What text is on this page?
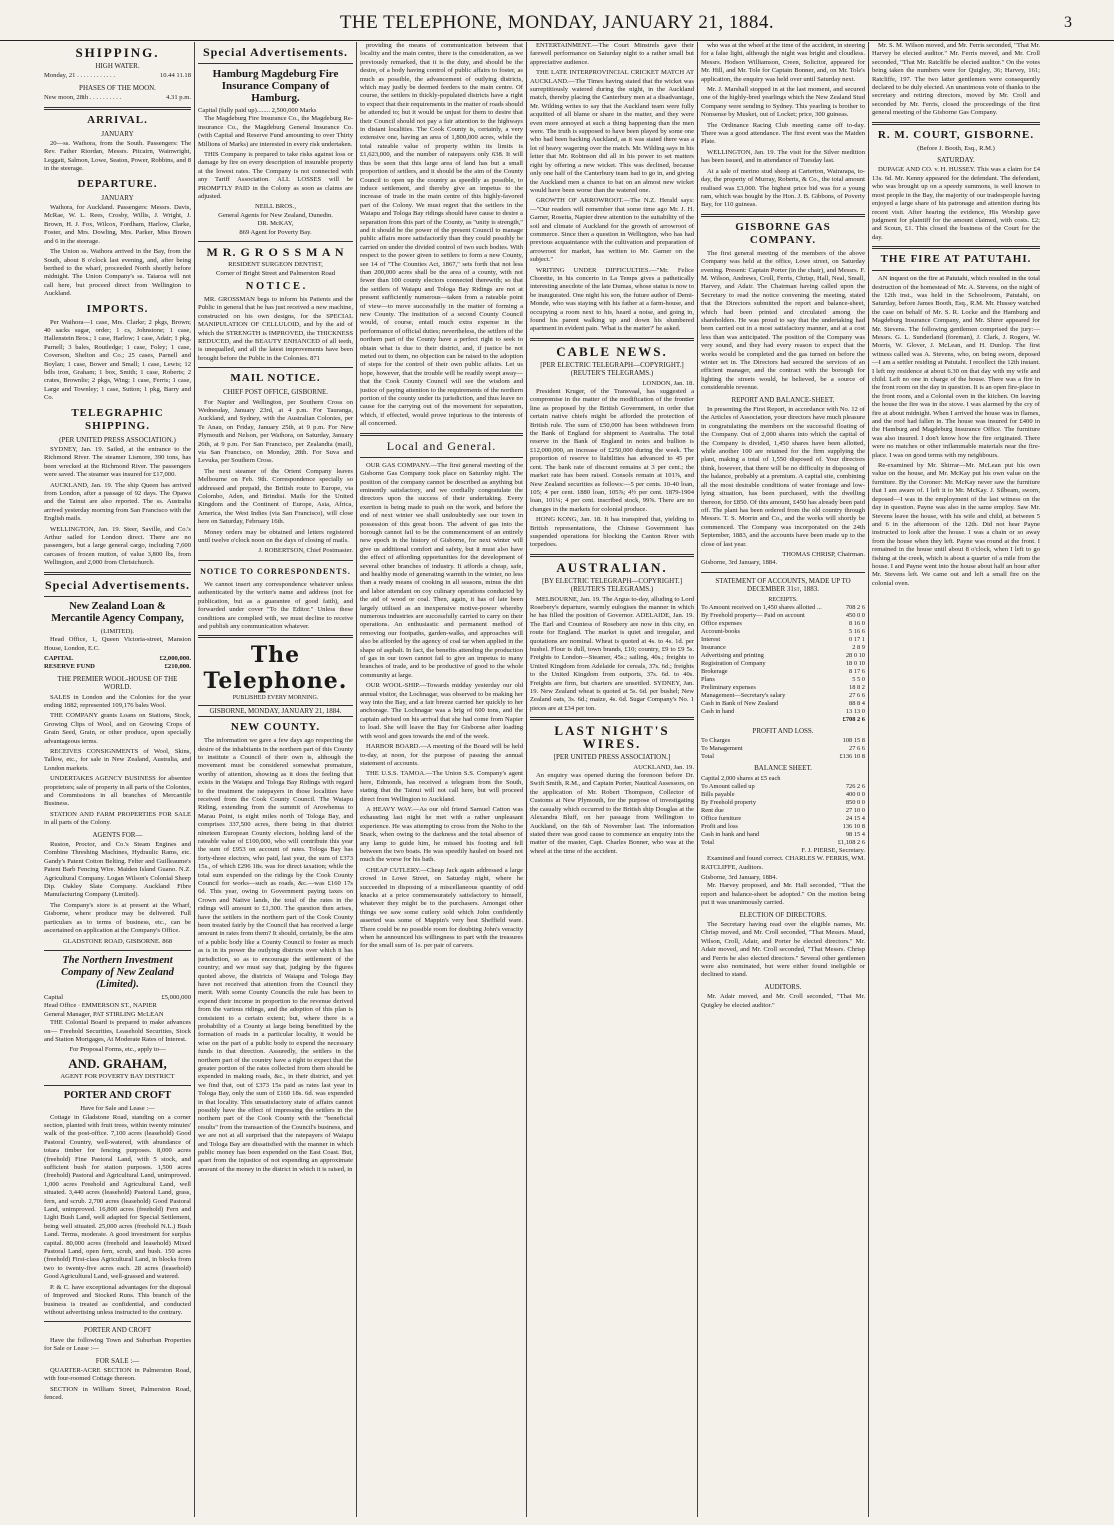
THE TELEPHONE, MONDAY, JANUARY 21, 1884.	3
SHIPPING.
HIGH WATER.
Monday, 21 . . . . . . . . . . . .	10.44 11.18
PHASES OF THE MOON.
New moon, 28th . . . . . . . . . .	4.31 p.m.
ARRIVAL.
JANUARY

20—ss. Waihora, from the South. Passengers: The Rev. Father Riordan, Messrs. Pitcairn, Wainwright, Leggatt, Salmon, Lowe, Seaton, Power, Robbins, and 8 in the steerage.

DEPARTURE.
JANUARY

Waihora, for Auckland. Passengers: Messrs. Davis, McRae, W. L. Rees, Crosby, Willis, J. Wright, J. Brown, H. J. Fox, Wilcox, Fordham, Harlow, Clarke, Foster, and Mrs. Dowling, Mrs. Parker, Miss Brown and 6 in the steerage.

The Union ss. Waihora arrived in the Bay, from the South, about 8 o'clock last evening, and, after being berthed to the wharf, proceeded North shortly before midnight. The Union Company's ss. Taiaroa will not call here, but proceed direct from Wellington to Auckland.

IMPORTS.

Per Waihora—1 case, Mrs. Clarke; 2 pkgs, Brown; 40 sacks sugar, order; 1 cs, Johnstone; 1 case, Hallenstein Bros.; 1 case, Harlow; 1 case, Adair; 1 pkg, Parnell; 3 bales, Routledge; 1 case, Foley; 1 case, Coverson, Shelton and Co.; 25 cases, Parnell and Boylan; 1 case, Bower and Small; 1 case, Lewis; 12 bdls iron, Graham; 1 box, Smith; 1 case, Roberts; 2 crates, Brownlie; 2 pkgs, Wing; 1 case, Ferris; 1 case, Large and Townley; 1 case, Sutton; 1 pkg, Barry and Co.

TELEGRAPHIC SHIPPING.
(PER UNITED PRESS ASSOCIATION.)

SYDNEY, Jan. 19. Sailed, at the entrance to the Richmond River. The steamer Lismore, 390 tons, has been wrecked at the Richmond River. The passengers were saved. The steamer was insured for £17,000.

AUCKLAND, Jan. 19. The ship Queen has arrived from London, after a passage of 92 days. The Opawa and the Tainui are also reported. The ss. Australia arrived yesterday morning from San Francisco with the English mails.

WELLINGTON, Jan. 19. Steer, Saville, and Co.'s Arthur sailed for London direct. There are no passengers, but a large general cargo, including 7,600 carcases of frozen mutton, of value 3,800 lbs, from Wellington, and 2,000 from Christchurch.

Special Advertisements.
New Zealand Loan & Mercantile Agency Company,
(LIMITED).

Head Office, 1, Queen Victoria-street, Mansion House, London, E.C.

CAPITAL	£2,000,000.
RESERVE FUND	£210,000.
THE PREMIER WOOL-HOUSE OF THE WORLD.

SALES in London and the Colonies for the year ending 1882, represented 109,176 bales Wool.

THE COMPANY grants Loans on Stations, Stock, Growing Clips of Wool, and on Growing Crops of Grain Seed, Grain, or other produce, upon specially advantageous terms.

RECEIVES CONSIGNMENTS of Wool, Skins, Tallow, etc., for sale in New Zealand, Australia, and London markets.

UNDERTAKES AGENCY BUSINESS for absentee proprietors; sale of property in all parts of the Colonies, and Commissions in all branches of Mercantile Business.

STATION AND FARM PROPERTIES FOR SALE in all parts of the Colony.

AGENTS FOR—

Ruston, Proctor, and Co.'s Steam Engines and Combine Threshing Machines, Hydraulic Rams, etc. Gandy's Patent Cotton Belting. Felter and Guilleaume's Patent Barb Fencing Wire. Maiden Island Guano. N.Z. Agricultural Company. Logan Wilson's Colonial Sheep Dip. Oakley Slate Company. Auckland Fibre Manufacturing Company (Limited).

The Company's store is at present at the Wharf, Gisborne, where produce may be delivered. Full particulars as to terms of business, etc., can be ascertained on application at the Company's Office.

GLADSTONE ROAD, GISBORNE. 868
The Northern Investment Company of New Zealand (Limited).
Capital	£5,000,000
Head Office · EMMERSON ST., NAPIER
General Manager, PAT STIRLING McLEAN

THE Colonial Board is prepared to make advances on— Freehold Securities, Leasehold Securities, Stock and Station Mortgages, At Moderate Rates of Interest.

For Proposal Forms, etc., apply to—
AND. GRAHAM,
AGENT FOR POVERTY BAY DISTRICT
PORTER AND CROFT
Have for Sale and Lease :—

Cottage in Gladstone Road, standing on a corner section, planted with fruit trees, within twenty minutes' walk of the post-office. 7,100 acres (leasehold) Good Pastoral Country, well-watered, with abundance of totara timber for fencing purposes. 8,000 acres (freehold) Fine Pastoral Land, with 5 stock, and sufficient bush for station purposes. 1,500 acres (freehold) Pastoral and Agricultural Land, unimproved. 1,000 acres Freehold and Agricultural Land, well situated. 3,440 acres (leasehold) Pastoral Land, grass, fern, and scrub. 2,700 acres (leasehold) Good Pastoral Land, unimproved. 16,800 acres (freehold) Fern and Light Bush Land, well adapted for Special Settlement, being well situated. 25,000 acres (freehold N.L.) Bush Land. Terms, moderate. A good investment for surplus capital. 80,000 acres (freehold and leasehold) Mixed Pastoral Land, open fern, scrub, and bush. 150 acres (freehold) First-class Agricultural Land, in blocks from two to twenty-five acres each. 28 acres (leasehold) Good Agricultural Land, well-grassed and watered.

P. & C. have exceptional advantages for the disposal of Improved and Stocked Runs. This branch of the business is treated as confidential, and conducted without advertising unless instructed to the contrary.

PORTER AND CROFT

Have the following Town and Suburban Properties for Sale or Lease :—

FOR SALE :—

QUARTER-ACRE SECTION in Palmerston Road, with four-roomed Cottage thereon.

SECTION in William Street, Palmerston Road, fenced.

Special Advertisements.
Hamburg Magdeburg Fire Insurance Company of Hamburg.
Capital (fully paid up)........ 2,500,000 Marks

The Magdeburg Fire Insurance Co., the Magdeburg Re-insurance Co., the Magdeburg General Insurance Co. (with Capital and Reserve Fund amounting to over Thirty Millions of Marks) are interested in every risk undertaken.

THIS Company is prepared to take risks against loss or damage by fire on every description of insurable property at the lowest rates. The Company is not connected with any Tariff Association. ALL LOSSES will be PROMPTLY PAID in the Colony as soon as claims are adjusted.

NEILL BROS.,
General Agents for New Zealand, Dunedin.
DR. McKAY,
869 Agent for Poverty Bay.
M R. G R O S S M A N
RESIDENT SURGEON DENTIST,
Corner of Bright Street and Palmerston Road
N O T I C E .

MR. GROSSMAN begs to inform his Patients and the Public in general that he has just received a new machine, constructed on his own designs, for the SPECIAL MANIPULATION OF CELLULOID, and by the aid of which the STRENGTH is IMPROVED, the THICKNESS REDUCED, and the BEAUTY ENHANCED of all teeth, is unequalled, and all the latest improvements have been brought before the Public in the Colonies. 871

MAIL NOTICE.
CHIEF POST OFFICE, GISBORNE.

For Napier and Wellington, per Southern Cross on Wednesday, January 23rd, at 4 p.m. For Tauranga, Auckland, and Sydney, with the Australian Colonies, per Te Anau, on Friday, January 25th, at 9 p.m. For New Plymouth and Nelson, per Waihora, on Saturday, January 26th, at 9 p.m. For San Francisco, per Zealandia (mail), via San Francisco, on Monday, 28th. For Suva and Levuka, per Southern Cross.

The next steamer of the Orient Company leaves Melbourne on Feb. 9th. Correspondence specially so addressed and prepaid, the British route to Europe, via Colombo, Aden, and Brindisi. Mails for the United Kingdom and the Continent of Europe, Asia, Africa, America, the West Indies (via San Francisco), will close here on Saturday, February 16th.

Money orders may be obtained and letters registered until twelve o'clock noon on the days of closing of mails.

J. ROBERTSON, Chief Postmaster.
NOTICE TO CORRESPONDENTS.

We cannot insert any correspondence whatever unless authenticated by the writer's name and address (not for publication, but as a guarantee of good faith), and forwarded under cover "To the Editor." Unless these conditions are complied with, we must decline to receive and publish any communication whatever.

The Telephone.
PUBLISHED EVERY MORNING.
GISBORNE, MONDAY, JANUARY 21, 1884.
NEW COUNTY.

The information we gave a few days ago respecting the desire of the inhabitants in the northern part of this County to institute a Council of their own is, although the movement must be considered somewhat premature, worthy of attention, showing as it does the feeling that exists in the Waiapu and Tologa Bay Ridings with regard to the treatment the ratepayers in those localities have received from the Cook County Council. The Waiapu Riding, extending from the summit of Arowhenua to Marau Point, is eight miles north of Tologa Bay, and comprises 337,500 acres, there being in that district nineteen European County electors, holding land of the rateable value of £100,000, who will contribute this year the sum of £953 on account of rates. Tologa Bay has forty-three electors, who paid, last year, the sum of £373 15s., of which £296 18s. was for direct taxation; while the total sum expended on the ridings by the Cook County Council for works—such as roads, &c.—was £160 17s 6d. This year, owing to Government paying taxes on Crown and Native lands, the total of the rates in the ridings will amount to £1,300. The question then arises, have the settlers in the northern part of the Cook County been treated fairly by the Council that has received a large amount in rates from them? It should, certainly, be the aim of a public body like a County Council to foster as much as is in its power the outlying districts over which it has jurisdiction, so as to encourage the settlement of the country; and we must say that, judging by the figures quoted above, the districts of Waiapu and Tologa Bay have not received that attention from the Council they merit. With some County Councils the rule has been to expend their income in proportion to the revenue derived from the various ridings, and the adoption of this plan is consistent to a certain extent; but, where there is a probability of a County at large being benefitted by the formation of roads in a particular locality, it would be wise on the part of a public body to expend the necessary funds in that direction. Assuredly, the settlers in the northern part of the country have a right to expect that the greater portion of the rates collected from them should be expended in making roads, &c., in their district, and yet we find that, out of £373 15s paid as rates last year in Tologa Bay, only the sum of £160 18s. 6d. was expended in that locality. This unsatisfactory state of affairs cannot possibly have the effect of impressing the settlers in the northern part of the Cook County with the "beneficial results" from the transaction of the Council's business, and we are not at all surprised that the ratepayers of Waiapu and Tologa Bay are dissatisfied with the manner in which public money has been expended on the East Coast. But, apart from the injustice of not expending an approximate amount of the money in the district in which it is raised, in

providing the means of communication between that locality and the main centre, there is the consideration, as we previously remarked, that it is the duty, and should be the desire, of a body having control of public affairs to foster, as much as possible, the advancement of outlying districts, which may justly be deemed feeders to the main centre. Of course, the settlers in thickly-populated districts have a right to expect that their requirements in the matter of roads should be attended to; but it would be unjust for them to desire that their Council should not pay a fair attention to the highways in distant localities. The Cook County is, certainly, a very extensive one, having an area of 1,800,000 acres, while the total rateable value of property within its limits is £1,623,000, and the number of ratepayers only 638. It will thus be seen that this large area of land has but a small proportion of settlers, and it should be the aim of the County Council to open up the country as speedily as possible, to induce settlement, and thereby give an impetus to the increase of trade in the main centre of this highly-favored part of the Colony. We must regret that the settlers in the Waiapu and Tologa Bay ridings should have cause to desire a separation from this part of the County, as "unity is strength," and it should be the power of the present Council to manage public affairs more satisfactorily than they could possibly be carried on under the divided control of two such bodies. With respect to the power given to settlers to form a new County, see 14 of "The Counties Act, 1867," sets forth that not less than 200,000 acres shall be the area of a county, with not fewer than 100 county electors connected therewith; so that the settlers of Waiapu and Tologa Bay Ridings are not at present sufficiently numerous—taken from a rateable point of view—to move successfully in the matter of forming a new County. The institution of a second County Council would, of course, entail much extra expense in the performance of official duties; nevertheless, the settlers of the northern part of the County have a perfect right to seek to obtain what is due to their district, and, if justice be not meted out to them, no objection can be raised to the adoption of steps for the control of their own public affairs. Let us hope, however, that the trouble will be readily swept away—that the Cook County Council will see the wisdom and justice of paying attention to the requirements of the northern portion of the county under its jurisdiction, and thus leave no cause for the carrying out of the movement for separation, which, if effected, would prove injurious to the interests of all concerned.

Local and General.

OUR GAS COMPANY.—The first general meeting of the Gisborne Gas Company took place on Saturday night. The position of the company cannot be described as anything but eminently satisfactory, and we cordially congratulate the directors upon the success of their undertaking. Every exertion is being made to push on the work, and before the end of next winter we shall undoubtedly see our town in possession of this great boon. The advent of gas into the borough cannot fail to be the commencement of an entirely new epoch in the history of Gisborne, for next winter will give us additional comfort and safety, but it must also have the effect of affording opportunities for the development of several other branches of industry. It affords a cheap, safe, and healthy mode of generating warmth in the winter, no less than a ready means of cooking in all seasons, minus the dirt and labor attendant on coy culinary operations conducted by the aid of wood or coal. Then, again, it has of late been largely utilised as an inexpensive motive-power whereby numerous industries are successfully carried to carry on their operations. An enthusiastic and permanent method of removing our footpaths, garden-walks, and approaches will also be afforded by the agency of coal tar when applied in the shape of asphalt. In fact, the benefits attending the production of gas in our town cannot fail to give an impetus to many branches of trade, and to be productive of good to the whole community at large.

OUR WOOL-SHIP.—Towards midday yesterday our old annual visitor, the Lochnagar, was observed to be making her way into the Bay, and a fair breeze carried her quickly to her anchorage. The Lochnagar was a brig of 600 tons, and the captain advised on his arrival that she had come from Napier to load. She will leave the Bay for Gisborne after loading with wool and goes towards the end of the week.

HARBOR BOARD.—A meeting of the Board will be held to-day, at noon, for the purpose of passing the annual statement of accounts.

THE U.S.S. TAMOA.—The Union S.S. Company's agent here, Edmonds, has received a telegram from the South, stating that the Tainui will not call here, but will proceed direct from Wellington to Auckland.

A HEAVY WAY.—As our old friend Samuel Catton was exhausting last night he met with a rather unpleasant experience. He was attempting to cross from the Noho to the Snack, when owing to the darkness and the total absence of any lamp to guide him, he missed his footing and fell between the two boats. He was speedily hauled on board not much the worse for his bath.

CHEAP CUTLERY.—Cheap Jack again addressed a large crowd in Lowe Street, on Saturday night, where he succeeded in disposing of a miscellaneous quantity of odd knacks at a price commensurately satisfactory to himself, whatever they might be to the purchasers. Amongst other things we saw some cutlery sold which John confidently asserted was some of Mappin's very best Sheffield ware. There could be no possible room for doubting John's veracity when he announced his willingness to part with the treasures for the small sum of 1s. per pair of carvers.

ENTERTAINMENT.—The Court Minstrels gave their farewell performance on Saturday night to a rather small but appreciative audience.

THE LATE INTERPROVINCIAL CRICKET MATCH AT AUCKLAND.—The Times having stated that the wicket was surreptitiously watered during the night, in the Auckland match, thereby placing the Canterbury men at a disadvantage, Mr. Wilding writes to say that the Auckland team were fully acquitted of all blame or share in the matter, and they were even more annoyed at such a thing happening than the men were. The truth is supposed to have been played by some one who had been backing Auckland, as it was stated there was a lot of heavy wagering over the match. Mr. Wilding says in his letter that Mr. Robinson did all in his power to set matters right by offering a new wicket. This was declined, because only one half of the Canterbury team had to go in, and giving the Auckland men a chance to bat on an almost new wicket would have been worse than the watered one.

GROWTH OF ARROWROOT.—The N.Z. Herald says:—"Our readers will remember that some time ago Mr. J. H. Garner, Rosetta, Napier drew attention to the suitability of the soil and climate of Auckland for the growth of arrowroot of commerce. Since then a question in Wellington, who has had previous acquaintance with the cultivation and preparation of arrowroot for market, has written to Mr. Garner on the subject."

WRITING UNDER DIFFICULTIES.—"Mr. Felice Chorette, in his concerto in La Temps gives a pathetically interesting anecdote of the late Dumas, whose status is now to be inaugurated. One night his son, the future author of Demi-Monde, who was staying with his father at a farm-house, and occupying a room next to his, heard a noise, and going in, found his parent walking up and down his slumbered apartment in evident pain. 'What is the matter?' he asked.

CABLE NEWS.
[PER ELECTRIC TELEGRAPH—COPYRIGHT.] (REUTER'S TELEGRAMS.)
LONDON, Jan. 18.

President Kruger, of the Transvaal, has suggested a compromise in the matter of the modification of the frontier line as proposed by the British Government, in order that certain native chiefs might be afforded the protection of British rule. The sum of £50,000 has been withdrawn from the Bank of England for shipment to Australia. The total reserve in the Bank of England in notes and bullion is £12,000,000, an increase of £250,000 during the week. The proportion of reserve to liabilities has advanced to 45 per cent. The bank rate of discount remains at 3 per cent.; the market rate has been raised. Consols remain at 101⅞, and New Zealand securities as follows:—5 per cents. 10-40 loan, 105; 4 per cent. 1880 loan, 105⅞; 4½ per cent. 1879-1904 loan, 101¼; 4 per cent. inscribed stock, 99⅝. There are no changes in the markets for colonial produce.

HONG KONG, Jan. 18. It has transpired that, yielding to British representations, the Chinese Government has suspended operations for blocking the Canton River with torpedoes.

AUSTRALIAN.
[BY ELECTRIC TELEGRAPH—COPYRIGHT.] (REUTER'S TELEGRAMS.)

MELBOURNE, Jan. 19. The Argus to-day, alluding to Lord Rosebery's departure, warmly eulogises the manner in which he has filled the position of Governor. ADELAIDE, Jan. 19. The Earl and Countess of Rosebery are now in this city, en route for England. The market is quiet and irregular, and quotations are nominal. Wheat is quoted at 4s. to 4s. 1d. per bushel. Flour is dull, town brands, £10; country, £9 to £9 5s. Freights to London—Steamer, 45s.; sailing, 40s.; freights to United Kingdom from Adelaide for cereals, 37s. 6d.; freights to the United Kingdom from outports, 37s. 6d. to 40s. Freights are firm, but charters are unsettled. SYDNEY, Jan. 19. New Zealand wheat is quoted at 5s. 6d. per bushel; New Zealand oats, 3s. 6d.; maize, 4s. 6d. Sugar Company's No. 1 pieces are at £34 per ton.

LAST NIGHT'S WIRES.
[PER UNITED PRESS ASSOCIATION.]
AUCKLAND, Jan. 19.

An enquiry was opened during the forenoon before Dr. Swift Smith, R.M., and Captain Porter, Nautical Assessors, on the application of Mr. Robert Thompson, Collector of Customs at New Plymouth, for the purpose of investigating the casualty which occurred to the British ship Douglas at the Alexandra Bluff, on her passage from Wellington to Auckland, on the 6th of November last. The information stated there was good cause to commence an enquiry into the matter of the master, Capt. Charles Bonner, who was at the wheel at the time of the accident.

who was at the wheel at the time of the accident, in steering for a false light, although the night was bright and cloudless. Messrs. Hodson Williamson, Creen, Solicitor, appeared for Mr. Hill, and Mr. Tole for Captain Bonner, and, on Mr. Tole's application, the enquiry was held over until Saturday next.

Mr. J. Marshall stopped in at the last moment, and secured one of the highly-bred yearlings which the New Zealand Stud Company were sending to Sydney. This yearling is brother to Nonsense by Musket, out of Locket; price, 300 guineas.

The Ordinance Racing Club meeting came off to-day. There was a good attendance. The first event was the Maiden Plate.

WELLINGTON, Jan. 19. The visit for the Silver medition has been issued, and in attendance of Tuesday last.

At a sale of merino stud sheep at Carterton, Wairarapa, to-day, the property of Murray, Roberts, & Co., the total amount realised was £3,000. The highest price bid was for a young ram, which was bought by the Hon. J. B. Gibbons, of Poverty Bay, for 110 guineas.

GISBORNE GAS COMPANY.

The first general meeting of the members of the above Company was held at the office, Lowe street, on Saturday evening. Present: Captain Porter (in the chair), and Messrs. F. M. Wilson, Andrews, Croll, Ferris, Chrisp, Hall, Neal, Small, Harvey, and Adair. The Chairman having called upon the Secretary to read the notice convening the meeting, stated that the Directors submitted the report and balance-sheet, which had been printed and circulated among the shareholders. He was proud to say that the undertaking had been carried out in a most satisfactory manner, and at a cost less than was anticipated. The position of the Company was very sound, and they had every reason to expect that the works would be completed and the gas turned on before the winter set in. The Directors had secured the services of an efficient manager, and the contract with the borough for lighting the streets would, he believed, be a source of considerable revenue.

REPORT AND BALANCE-SHEET.

In presenting the First Report, in accordance with No. 12 of the Articles of Association, your directors have much pleasure in congratulating the members on the successful floating of the Company. Out of 2,000 shares into which the capital of the Company is divided, 1,450 shares have been allotted, while another 100 are retained for the firm supplying the plant, making a total of 1,550 disposed of. Your directors think, however, that there will be no difficulty in disposing of the balance, probably at a premium. A capital site, combining all the most desirable conditions of water frontage and low-lying situation, has been purchased, with the dwelling thereon, for £850. Of this amount, £450 has already been paid off. The plant has been ordered from the old country through Messrs. T. S. Morrin and Co., and the works will shortly be commenced. The Company was incorporated on the 24th September, 1883, and the accounts have been made up to the close of last year.

THOMAS CHRISP, Chairman.
Gisborne, 3rd January, 1884.
STATEMENT OF ACCOUNTS, MADE UP TO DECEMBER 31st, 1883.
RECEIPTS.
To Amount received on 1,450 shares allotted ...	708 2 6
By Freehold property— Paid on account	450 0 0
Office expenses	8 16 0
Account-books	5 16 6
Interest	0 17 1
Insurance	2 8 9
Advertising and printing	28 0 10
Registration of Company	18 0 10
Brokerage	8 17 6
Plans	5 5 0
Preliminary expenses	18 8 2
Management—Secretary's salary	27 6 6
Cash in Bank of New Zealand	88 8 4
Cash in hand	13 13 0
£708 2 6
PROFIT AND LOSS.
To Charges	108 15 8
To Management	27 6 6
Total	£136 10 8
BALANCE SHEET.
Capital 2,000 shares at £5 each
To Amount called up	726 2 6
Bills payable	400 0 0
By Freehold property	850 0 0
Rent due	27 10 0
Office furniture	24 15 4
Profit and loss	136 10 8
Cash in bank and hand	98 15 4
Total	£1,108 2 6
F. J. PIERSE, Secretary.

Examined and found correct. CHARLES W. FERRIS, WM. RATCLIFFE, Auditors.

Gisborne, 3rd January, 1884.

Mr. Harvey proposed, and Mr. Hall seconded, "That the report and balance-sheet be adopted." On the motion being put it was unanimously carried.

ELECTION OF DIRECTORS.

The Secretary having read over the eligible names, Mr. Chrisp moved, and Mr. Croll seconded, "That Messrs. Maud, Wilson, Croll, Adair, and Porter be elected directors." Mr. Adair moved, and Mr. Croll seconded, "That Messrs. Chrisp and Ferris be also elected directors." Several other gentlemen were also nominated, but were either found ineligible or declined to stand.

AUDITORS.

Mr. Adair moved, and Mr. Croll seconded, "That Mr. Quigley be elected auditor."

Mr. S. M. Wilson moved, and Mr. Ferris seconded, "That Mr. Harvey be elected auditor." Mr. Ferris moved, and Mr. Croll seconded, "That Mr. Ratcliffe be elected auditor." On the votes being taken the numbers were for Quigley, 36; Harvey, 161; Ratcliffe, 197. The two latter gentlemen were consequently declared to be duly elected. An unanimous vote of thanks to the secretary and retiring directors, moved by Mr. Croll and seconded by Mr. Ferris, closed the proceedings of the first general meeting of the Gisborne Gas Company.

R. M. COURT, GISBORNE.
(Before J. Booth, Esq., R.M.)
SATURDAY.

DUPAGE AND CO. v. H. HUSSEY. This was a claim for £4 13s. 6d. Mr. Kenny appeared for the defendant. The defendant, who was brought up on a speedy summons, is well known to most people in the Bay, the majority of our tradespeople having enjoyed a large share of his patronage and attention during his recent visit. After hearing the evidence, His Worship gave judgment for plaintiff for the amount claimed, with costs. £2; and Scoun, £1. This closed the business of the Court for the day.

THE FIRE AT PATUTAHI.

AN inquest on the fire at Patutahi, which resulted in the total destruction of the homestead of Mr. A. Stevens, on the night of the 12th inst., was held in the Schoolroom, Patutahi, on Saturday, before James Booth, Esq., R.M. Mr. Hussey watched the case on behalf of Mr. S. R. Locke and the Hamburg and Magdeburg Insurance Company, and Mr. Shirer appeared for Mr. Stevens. The following gentlemen comprised the jury:—Messrs. G. L. Sunderland (foreman), J. Clark, J. Rogers, W. Morris, W. Glover, J. McLean, and H. Dunlop. The first witness called was A. Stevens, who, on being sworn, deposed—I am a settler residing at Patutahi. I recollect the 12th instant. I left my residence at about 6.30 on that day with my wife and child. Left no one in charge of the house. There was a fire in the front room on the day in question. It is an open fire-place in the front room, and a Colonial oven in the kitchen. On leaving the house the fire was in the stove. I was alarmed by the cry of fire at about midnight. When I arrived the house was in flames, and the roof had fallen in. The house was insured for £400 in the Hamburg and Magdeburg Insurance Office. The furniture was also insured. I don't know how the fire originated. There were no matches or other inflammable materials near the fire-place. I was on good terms with my neighbours.

Re-examined by Mr. Shirrar—Mr. McLean put his own value on the house, and Mr. McKay put his own value on the furniture. By the Coroner: Mr. McKay never saw the furniture that I am aware of. I left it to Mr. McKay. J. Silbeam, sworn, deposed—I was in the employment of the last witness on the day in question. Payne was also in the same employ. Saw Mr. Stevens leave the house, with his wife and child, at between 5 and 6 in the afternoon of the 12th. Did not hear Payne instructed to look after the house. I was a chain or so away from the house when they left. Payne was round at the front. I remained in the house until about 8 o'clock, when I left to go fishing at the creek, which is about a quarter of a mile from the house. I and Payne went into the house about half an hour after Mr. Stevens left. We came out and left a small fire on the colonial oven.
